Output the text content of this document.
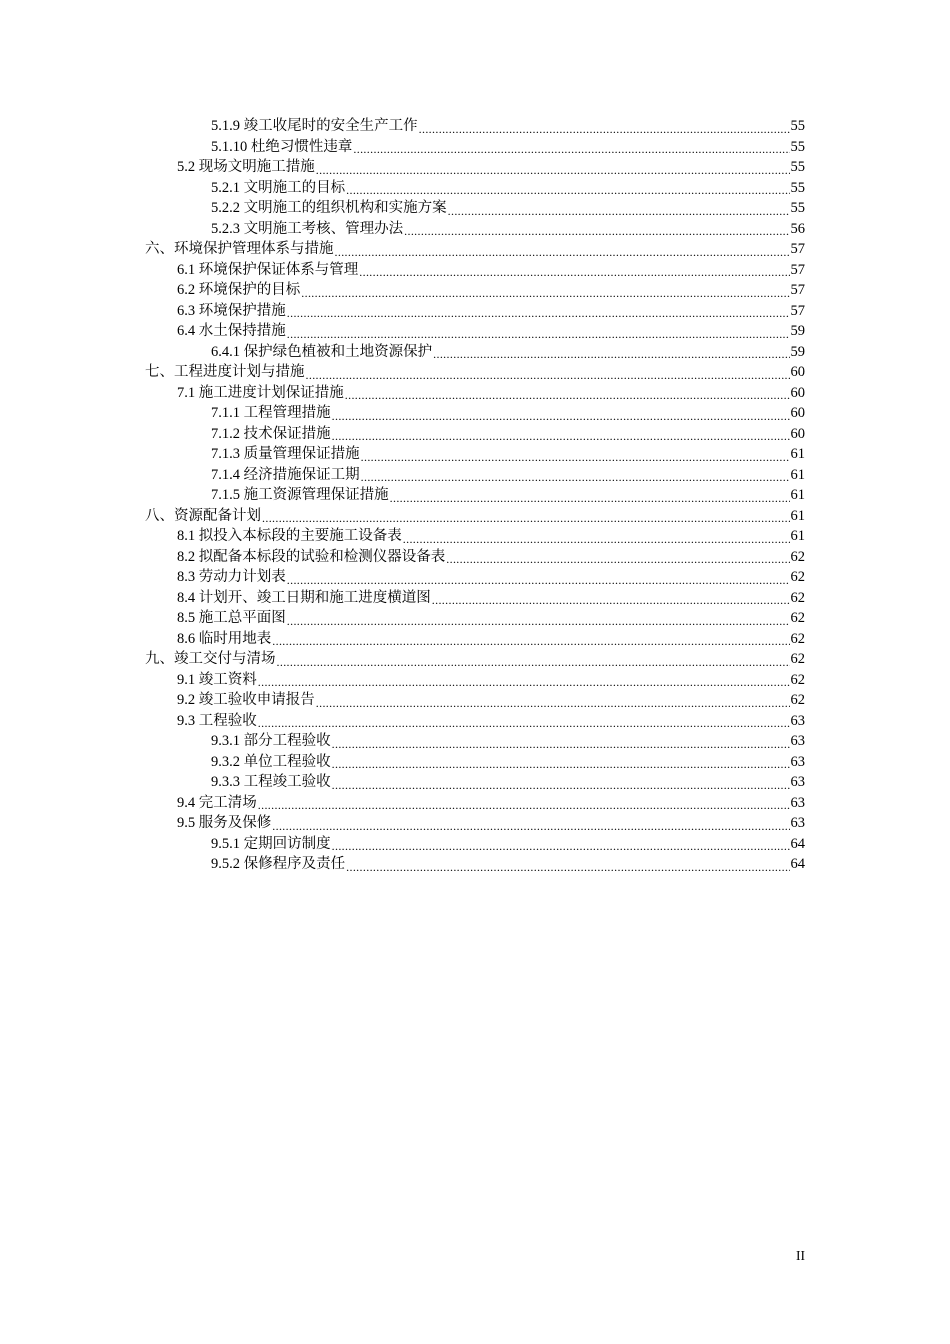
5.1.9 竣工收尾时的安全生产工作 .....	55
5.1.10 杜绝习惯性违章 .....	55
5.2 现场文明施工措施 .....	55
5.2.1 文明施工的目标 .....	55
5.2.2 文明施工的组织机构和实施方案 .....	55
5.2.3 文明施工考核、管理办法 .....	56
六、环境保护管理体系与措施 .....	57
6.1 环境保护保证体系与管理 .....	57
6.2 环境保护的目标 .....	57
6.3 环境保护措施 .....	57
6.4 水土保持措施 .....	59
6.4.1 保护绿色植被和土地资源保护 .....	59
七、工程进度计划与措施 .....	60
7.1 施工进度计划保证措施 .....	60
7.1.1 工程管理措施 .....	60
7.1.2 技术保证措施 .....	60
7.1.3 质量管理保证措施 .....	61
7.1.4 经济措施保证工期 .....	61
7.1.5 施工资源管理保证措施 .....	61
八、资源配备计划 .....	61
8.1 拟投入本标段的主要施工设备表 .....	61
8.2 拟配备本标段的试验和检测仪器设备表 .....	62
8.3 劳动力计划表 .....	62
8.4 计划开、竣工日期和施工进度横道图 .....	62
8.5 施工总平面图 .....	62
8.6 临时用地表 .....	62
九、竣工交付与清场 .....	62
9.1 竣工资料 .....	62
9.2 竣工验收申请报告 .....	62
9.3 工程验收 .....	63
9.3.1 部分工程验收 .....	63
9.3.2 单位工程验收 .....	63
9.3.3 工程竣工验收 .....	63
9.4 完工清场 .....	63
9.5 服务及保修 .....	63
9.5.1 定期回访制度 .....	64
9.5.2 保修程序及责任 .....	64
II
